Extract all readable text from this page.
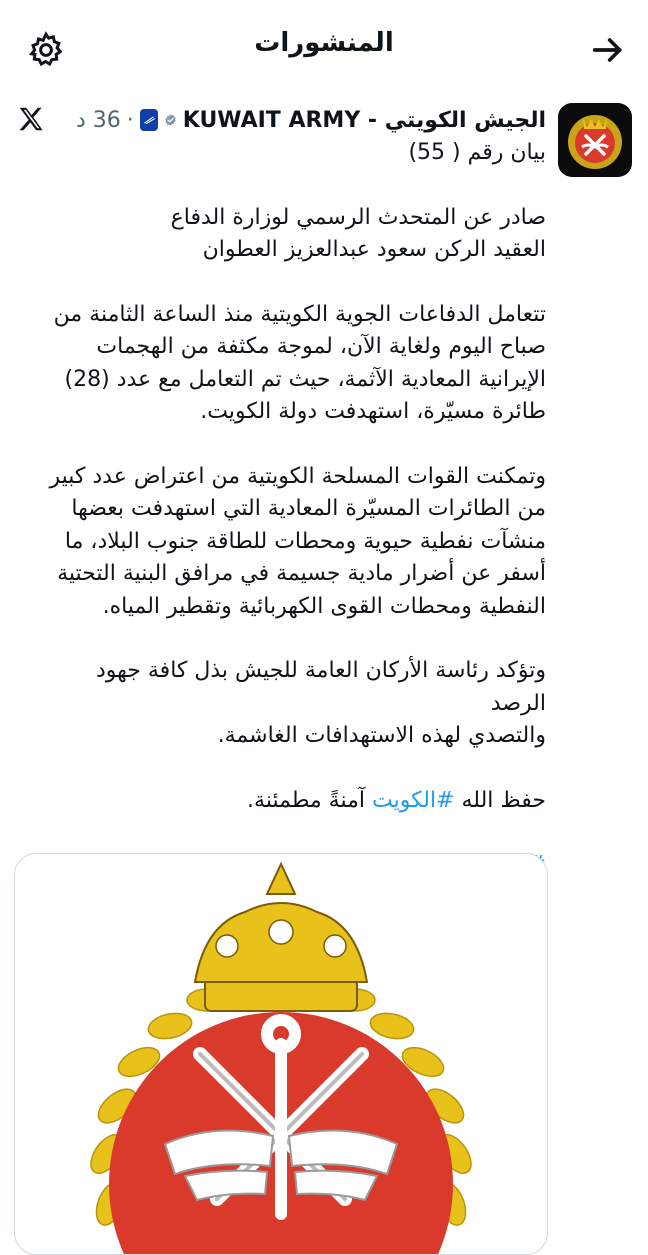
المنشورات
الجيش الكويتي - KUWAIT ARMY
·
36 د

بيان رقم ( 55)

صادر عن المتحدث الرسمي لوزارة الدفاع

العقيد الركن سعود عبدالعزيز العطوان

تتعامل الدفاعات الجوية الكويتية منذ الساعة الثامنة من

صباح اليوم ولغاية الآن، لموجة مكثفة من الهجمات

الإيرانية المعادية الآثمة، حيث تم التعامل مع عدد (28)

طائرة مسيّرة، استهدفت دولة الكويت.

وتمكنت القوات المسلحة الكويتية من اعتراض عدد كبير

من الطائرات المسيّرة المعادية التي استهدفت بعضها

منشآت نفطية حيوية ومحطات للطاقة جنوب البلاد، ما

أسفر عن أضرار مادية جسيمة في مرافق البنية التحتية

النفطية ومحطات القوى الكهربائية وتقطير المياه.

وتؤكد رئاسة الأركان العامة للجيش بذل كافة جهود الرصد

والتصدي لهذه الاستهدافات الغاشمة.

حفظ الله #الكويت آمنةً مطمئنة.
